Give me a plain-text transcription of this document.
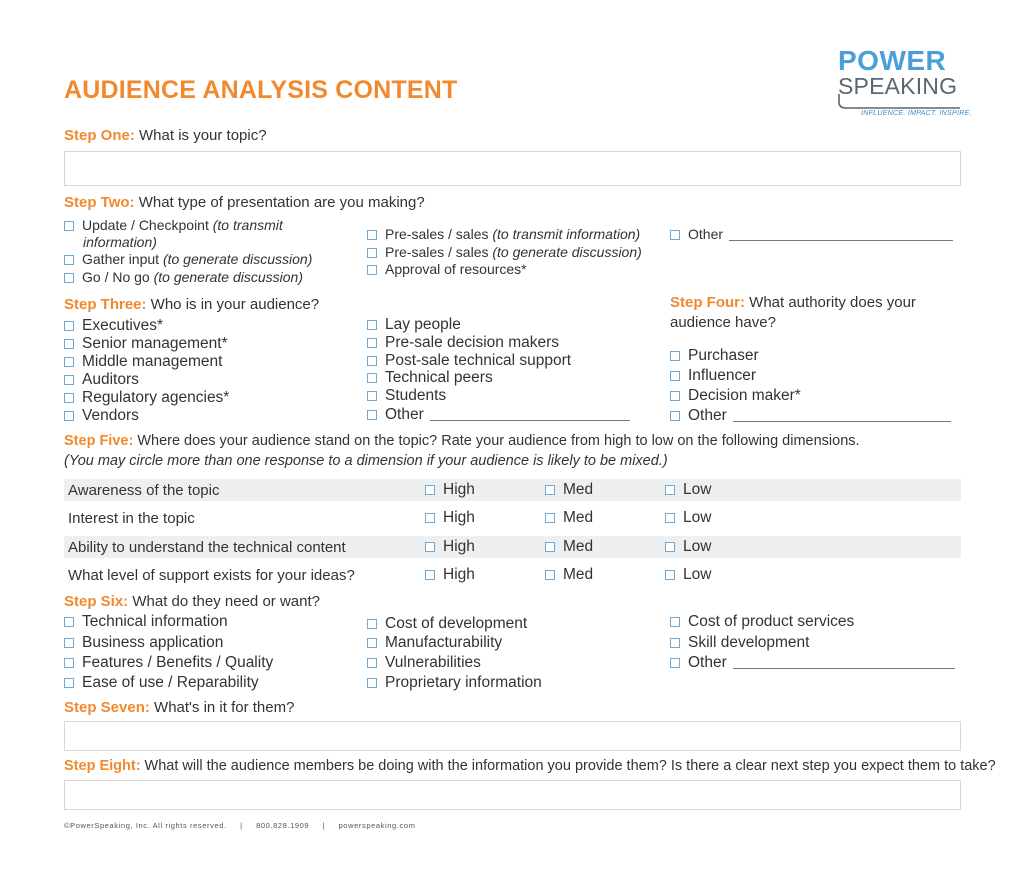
AUDIENCE ANALYSIS CONTENT
POWER
SPEAKING
INFLUENCE. IMPACT. INSPIRE.
Step One: What is your topic?
Step Two: What type of presentation are you making?
Update / Checkpoint (to transmit
information)
Gather input (to generate discussion)
Go / No go (to generate discussion)
Pre-sales / sales (to transmit information)
Pre-sales / sales (to generate discussion)
Approval of resources*
Other
Step Three: Who is in your audience?
Executives*
Senior management*
Middle management
Auditors
Regulatory agencies*
Vendors
Lay people
Pre-sale decision makers
Post-sale technical support
Technical peers
Students
Other
Step Four: What authority does your
audience have?
Purchaser
Influencer
Decision maker*
Other
Step Five: Where does your audience stand on the topic? Rate your audience from high to low on the following dimensions.
(You may circle more than one response to a dimension if your audience is likely to be mixed.)
Awareness of the topic	High	Med	Low
Interest in the topic	High	Med	Low
Ability to understand the technical content	High	Med	Low
What level of support exists for your ideas?	High	Med	Low
Step Six: What do they need or want?
Technical information
Business application
Features / Benefits / Quality
Ease of use / Reparability
Cost of development
Manufacturability
Vulnerabilities
Proprietary information
Cost of product services
Skill development
Other
Step Seven: What's in it for them?
Step Eight: What will the audience members be doing with the information you provide them? Is there a clear next step you expect them to take?
©PowerSpeaking, Inc. All rights reserved.     |     800.828.1909     |     powerspeaking.com
